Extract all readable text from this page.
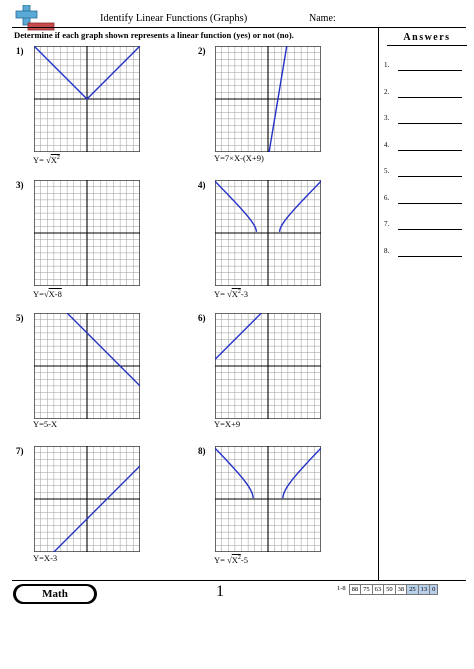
Identify Linear Functions (Graphs)	Name:
Determine if each graph shown represents a linear function (yes) or not (no).	Answers
1.
2.
3.
4.
5.
6.
7.
8.
1)
$Y= √X^2$
2)
Y=7×X-(X+9)
3)
Y=√X-8
4)
$Y= √X^2-3$
5)
Y=5-X
6)
Y=X+9
7)
Y=X-3
8)
$Y= √X^2-5$
Math	1	1-8 88 75 63 50 38 25 13 0
